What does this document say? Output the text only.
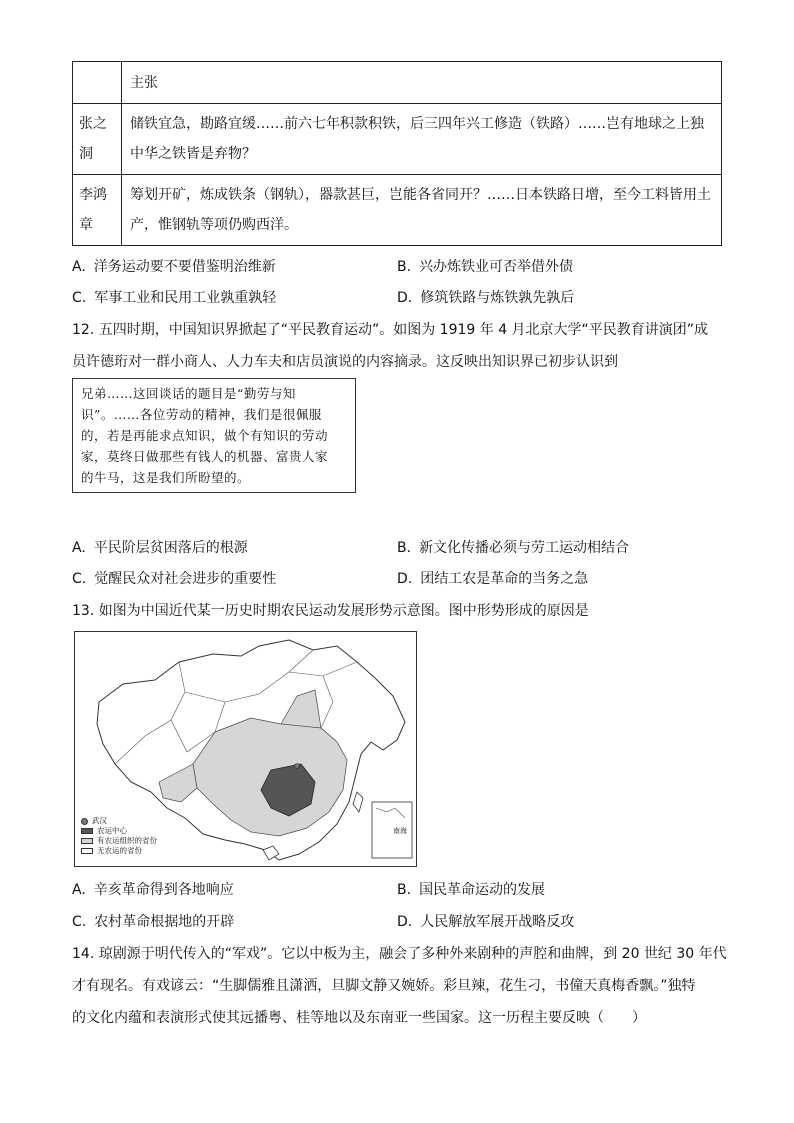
	主张
张之
洞	储铁宜急，勘路宜缓……前六七年积款积铁，后三四年兴工修造（铁路）……岂有地球之上独
中华之铁皆是弃物？
李鸿
章	筹划开矿，炼成铁条（钢轨），器款甚巨，岂能各省同开？……日本铁路日增，至今工料皆用土
产，惟钢轨等项仍购西洋。
A. 洋务运动要不要借鉴明治维新	B. 兴办炼铁业可否举借外债
C. 军事工业和民用工业孰重孰轻	D. 修筑铁路与炼铁孰先孰后
12. 五四时期，中国知识界掀起了“平民教育运动”。如图为 1919 年 4 月北京大学“平民教育讲演团”成
员许德珩对一群小商人、人力车夫和店员演说的内容摘录。这反映出知识界已初步认识到
兄弟……这回谈话的题目是“勤劳与知
识”。……各位劳动的精神，我们是很佩服
的，若是再能求点知识，做个有知识的劳动
家，莫终日做那些有钱人的机器、富贵人家
的牛马，这是我们所盼望的。
A. 平民阶层贫困落后的根源	B. 新文化传播必须与劳工运动相结合
C. 觉醒民众对社会进步的重要性	D. 团结工农是革命的当务之急
13. 如图为中国近代某一历史时期农民运动发展形势示意图。图中形势形成的原因是
南海
武汉
农运中心
有农运组织的省份
无农运的省份
A. 辛亥革命得到各地响应	B. 国民革命运动的发展
C. 农村革命根据地的开辟	D. 人民解放军展开战略反攻
14. 琼剧源于明代传入的“军戏”。它以中板为主，融会了多种外来剧种的声腔和曲牌，到 20 世纪 30 年代
才有现名。有戏谚云：“生脚儒雅且潇洒，旦脚文静又婉娇。彩旦辣，花生刁，书僮天真梅香飘。”独特
的文化内蕴和表演形式使其远播粤、桂等地以及东南亚一些国家。这一历程主要反映（　　）
